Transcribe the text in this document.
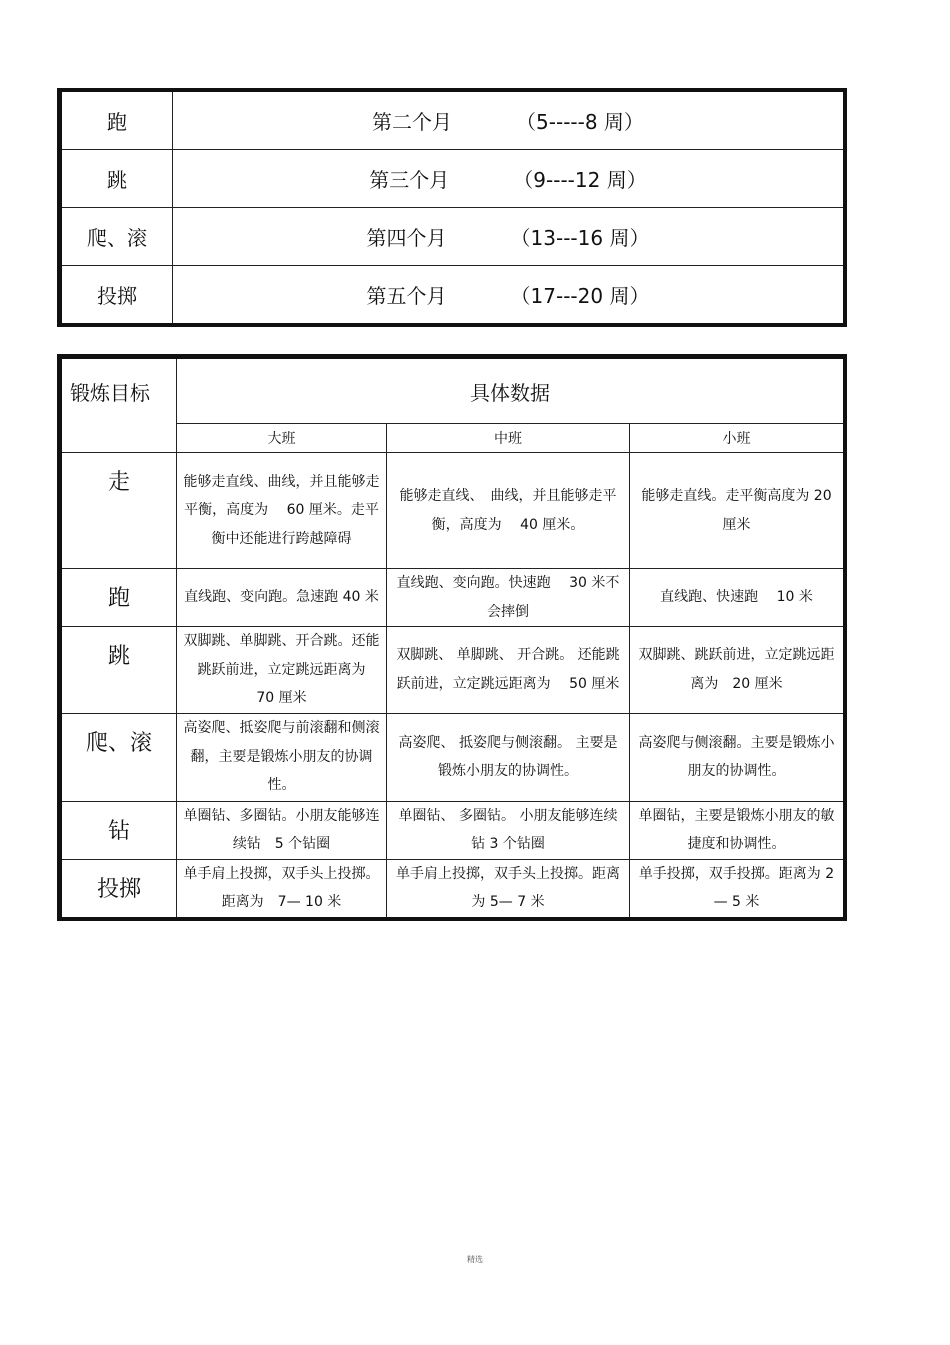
跑	第二个月 （5-----8 周）
跳	第三个月 （9----12 周）
爬、滚	第四个月 （13---16 周）
投掷	第五个月 （17---20 周）
锻炼目标	具体数据		
	大班	中班	小班
走	能够走直线、曲线，并且能够走平衡，高度为　 60 厘米。走平衡中还能进行跨越障碍	能够走直线、　曲线，并且能够走平衡，高度为　 40 厘米。	能够走直线。走平衡高度为 20 厘米
跑	直线跑、变向跑。急速跑 40 米	直线跑、变向跑。快速跑　 30 米不会摔倒	直线跑、快速跑　 10 米
跳	双脚跳、单脚跳、开合跳。还能跳跃前进，立定跳远距离为　70 厘米	双脚跳、 单脚跳、 开合跳。 还能跳跃前进，立定跳远距离为　 50 厘米	双脚跳、跳跃前进，立定跳远距离为　20 厘米
爬、滚	高姿爬、抵姿爬与前滚翻和侧滚翻，主要是锻炼小朋友的协调性。	高姿爬、 抵姿爬与侧滚翻。 主要是锻炼小朋友的协调性。	高姿爬与侧滚翻。主要是锻炼小朋友的协调性。
钻	单圈钻、多圈钻。小朋友能够连续钻　5 个钻圈	单圈钻、 多圈钻。 小朋友能够连续钻 3 个钻圈	单圈钻，主要是锻炼小朋友的敏捷度和协调性。
投掷	单手肩上投掷，双手头上投掷。距离为　7— 10 米	单手肩上投掷，双手头上投掷。距离为 5— 7 米	单手投掷，双手投掷。距离为 2— 5 米
精选
